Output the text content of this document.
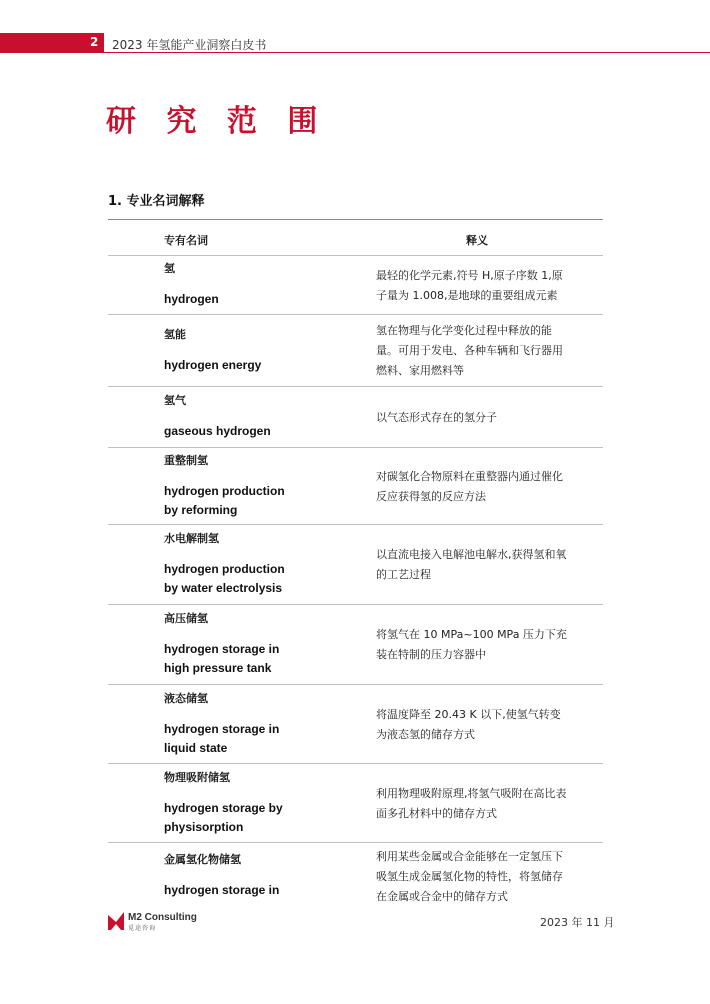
2 2023 年氢能产业洞察白皮书
研 究 范 围
1. 专业名词解释
专有名词	释义
氢
hydrogen
最轻的化学元素,符号 H,原子序数 1,原
子量为 1.008,是地球的重要组成元素
氢能
hydrogen energy
氢在物理与化学变化过程中释放的能
量。可用于发电、各种车辆和飞行器用
燃料、家用燃料等
氢气
gaseous hydrogen
以气态形式存在的氢分子
重整制氢
hydrogen production
by reforming
对碳氢化合物原料在重整器内通过催化
反应获得氢的反应方法
水电解制氢
hydrogen production
by water electrolysis
以直流电接入电解池电解水,获得氢和氧
的工艺过程
高压储氢
hydrogen storage in
high pressure tank
将氢气在 10 MPa~100 MPa 压力下充
装在特制的压力容器中
液态储氢
hydrogen storage in
liquid state
将温度降至 20.43 K 以下,使氢气转变
为液态氢的储存方式
物理吸附储氢
hydrogen storage by
physisorption
利用物理吸附原理,将氢气吸附在高比表
面多孔材料中的储存方式
金属氢化物储氢
hydrogen storage in
利用某些金属或合金能够在一定氢压下
吸氢生成金属氢化物的特性，将氢储存
在金属或合金中的储存方式
M2 Consulting
觅途咨询	2023 年 11 月
